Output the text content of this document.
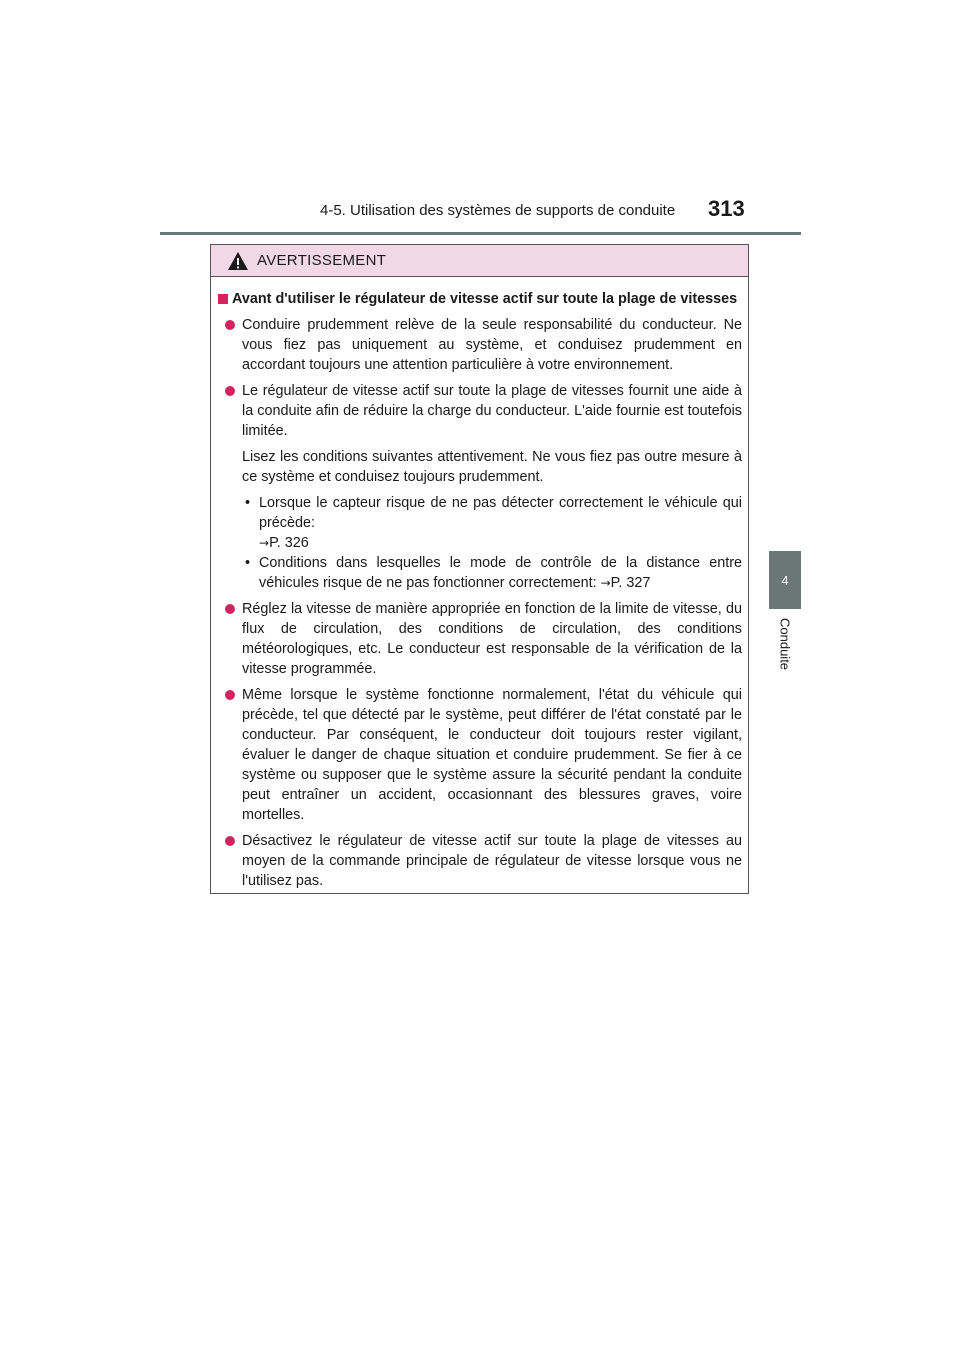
4-5. Utilisation des systèmes de supports de conduite 313
4
Conduite
AVERTISSEMENT
Avant d'utiliser le régulateur de vitesse actif sur toute la plage de vitesses
Conduire prudemment relève de la seule responsabilité du conducteur. Ne vous fiez pas uniquement au système, et conduisez prudemment en accordant toujours une attention particulière à votre environnement.
Le régulateur de vitesse actif sur toute la plage de vitesses fournit une aide à la conduite afin de réduire la charge du conducteur. L'aide fournie est toutefois limitée.
Lisez les conditions suivantes attentivement. Ne vous fiez pas outre mesure à ce système et conduisez toujours prudemment.
• Lorsque le capteur risque de ne pas détecter correctement le véhicule qui précède:
→P. 326
• Conditions dans lesquelles le mode de contrôle de la distance entre véhicules risque de ne pas fonctionner correctement: →P. 327
Réglez la vitesse de manière appropriée en fonction de la limite de vitesse, du flux de circulation, des conditions de circulation, des conditions météorologiques, etc. Le conducteur est responsable de la vérification de la vitesse programmée.
Même lorsque le système fonctionne normalement, l'état du véhicule qui précède, tel que détecté par le système, peut différer de l'état constaté par le conducteur. Par conséquent, le conducteur doit toujours rester vigilant, évaluer le danger de chaque situation et conduire prudemment. Se fier à ce système ou supposer que le système assure la sécurité pendant la conduite peut entraîner un accident, occasionnant des blessures graves, voire mortelles.
Désactivez le régulateur de vitesse actif sur toute la plage de vitesses au moyen de la commande principale de régulateur de vitesse lorsque vous ne l'utilisez pas.
